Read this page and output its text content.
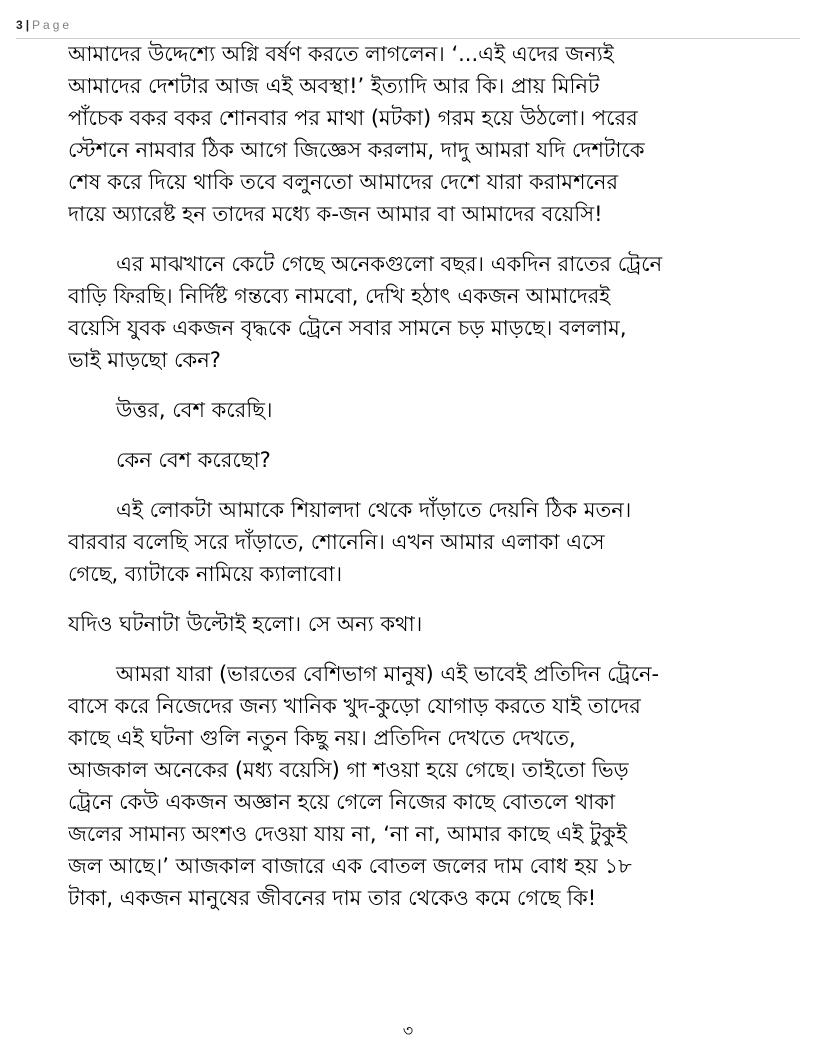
3 | Page
আমাদের উদ্দেশ্যে অগ্নি বর্ষণ করতে লাগলেন। ‘...এই এদের জন্যই
আমাদের দেশটার আজ এই অবস্থা!’ ইত্যাদি আর কি। প্রায় মিনিট
পাঁচেক বকর বকর শোনবার পর মাথা (মটকা) গরম হয়ে উঠলো। পরের
স্টেশনে নামবার ঠিক আগে জিজ্ঞেস করলাম, দাদু আমরা যদি দেশটাকে
শেষ করে দিয়ে থাকি তবে বলুনতো আমাদের দেশে যারা করামশনের
দায়ে অ্যারেষ্ট হন তাদের মধ্যে ক-জন আমার বা আমাদের বয়েসি!
এর মাঝখানে কেটে গেছে অনেকগুলো বছর। একদিন রাতের ট্রেনে
বাড়ি ফিরছি। নির্দিষ্ট গন্তব্যে নামবো, দেখি হঠাৎ একজন আমাদেরই
বয়েসি যুবক একজন বৃদ্ধকে ট্রেনে সবার সামনে চড় মাড়ছে। বললাম,
ভাই মাড়ছো কেন?
উত্তর, বেশ করেছি।
কেন বেশ করেছো?
এই লোকটা আমাকে শিয়ালদা থেকে দাঁড়াতে দেয়নি ঠিক মতন।
বারবার বলেছি সরে দাঁড়াতে, শোনেনি। এখন আমার এলাকা এসে
গেছে, ব্যাটাকে নামিয়ে ক্যালাবো।
যদিও ঘটনাটা উল্টোই হলো। সে অন্য কথা।
আমরা যারা (ভারতের বেশিভাগ মানুষ) এই ভাবেই প্রতিদিন ট্রেনে-
বাসে করে নিজেদের জন্য খানিক খুদ-কুড়ো যোগাড় করতে যাই তাদের
কাছে এই ঘটনা গুলি নতুন কিছু নয়। প্রতিদিন দেখতে দেখতে,
আজকাল অনেকের (মধ্য বয়েসি) গা শওয়া হয়ে গেছে। তাইতো ভিড়
ট্রেনে কেউ একজন অজ্ঞান হয়ে গেলে নিজের কাছে বোতলে থাকা
জলের সামান্য অংশও দেওয়া যায় না, ‘না না, আমার কাছে এই টুকুই
জল আছে।’ আজকাল বাজারে এক বোতল জলের দাম বোধ হয় ১৮
টাকা, একজন মানুষের জীবনের দাম তার থেকেও কমে গেছে কি!
৩
